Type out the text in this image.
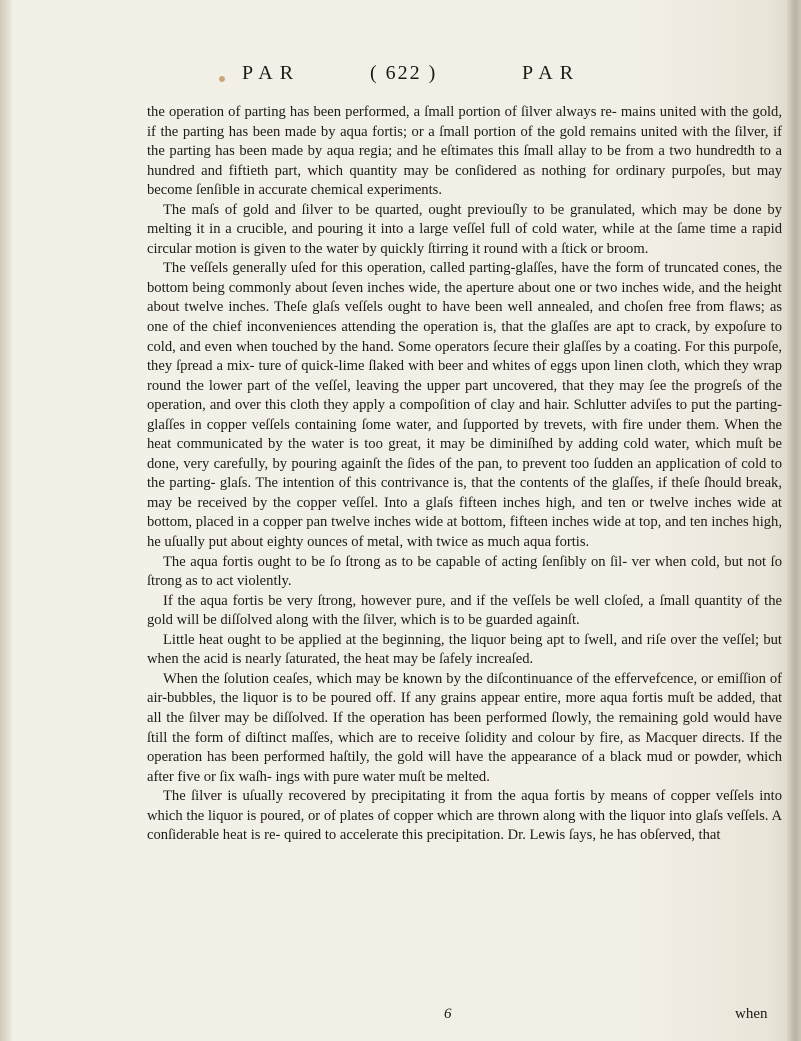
PAR	( 622 )	PAR

the operation of parting has been performed, a ſmall portion of ſilver always re- mains united with the gold, if the parting has been made by aqua fortis; or a ſmall portion of the gold remains united with the ſilver, if the parting has been made by aqua regia; and he eſtimates this ſmall allay to be from a two hundredth to a hundred and fiftieth part, which quantity may be conſidered as nothing for ordinary purpoſes, but may become ſenſible in accurate chemical experiments.

The maſs of gold and ſilver to be quarted, ought previouſly to be granulated, which may be done by melting it in a crucible, and pouring it into a large veſſel full of cold water, while at the ſame time a rapid circular motion is given to the water by quickly ſtirring it round with a ſtick or broom.

The veſſels generally uſed for this operation, called parting-glaſſes, have the form of truncated cones, the bottom being commonly about ſeven inches wide, the aperture about one or two inches wide, and the height about twelve inches. Theſe glaſs veſſels ought to have been well annealed, and choſen free from flaws; as one of the chief inconveniences attending the operation is, that the glaſſes are apt to crack, by expoſure to cold, and even when touched by the hand. Some operators ſecure their glaſſes by a coating. For this purpoſe, they ſpread a mix- ture of quick-lime ſlaked with beer and whites of eggs upon linen cloth, which they wrap round the lower part of the veſſel, leaving the upper part uncovered, that they may ſee the progreſs of the operation, and over this cloth they apply a compoſition of clay and hair. Schlutter adviſes to put the parting-glaſſes in copper veſſels containing ſome water, and ſupported by trevets, with fire under them. When the heat communicated by the water is too great, it may be diminiſhed by adding cold water, which muſt be done, very carefully, by pouring againſt the ſides of the pan, to prevent too ſudden an application of cold to the parting- glaſs. The intention of this contrivance is, that the contents of the glaſſes, if theſe ſhould break, may be received by the copper veſſel. Into a glaſs fifteen inches high, and ten or twelve inches wide at bottom, placed in a copper pan twelve inches wide at bottom, fifteen inches wide at top, and ten inches high, he uſually put about eighty ounces of metal, with twice as much aqua fortis.

The aqua fortis ought to be ſo ſtrong as to be capable of acting ſenſibly on ſil- ver when cold, but not ſo ſtrong as to act violently.

If the aqua fortis be very ſtrong, however pure, and if the veſſels be well cloſed, a ſmall quantity of the gold will be diſſolved along with the ſilver, which is to be guarded againſt.

Little heat ought to be applied at the beginning, the liquor being apt to ſwell, and riſe over the veſſel; but when the acid is nearly ſaturated, the heat may be ſafely increaſed.

When the ſolution ceaſes, which may be known by the diſcontinuance of the effervefcence, or emiſſion of air-bubbles, the liquor is to be poured off. If any grains appear entire, more aqua fortis muſt be added, that all the ſilver may be diſſolved. If the operation has been performed ſlowly, the remaining gold would have ſtill the form of diſtinct maſſes, which are to receive ſolidity and colour by fire, as Macquer directs. If the operation has been performed haſtily, the gold will have the appearance of a black mud or powder, which after five or ſix waſh- ings with pure water muſt be melted.

The ſilver is uſually recovered by precipitating it from the aqua fortis by means of copper veſſels into which the liquor is poured, or of plates of copper which are thrown along with the liquor into glaſs veſſels. A conſiderable heat is re- quired to accelerate this precipitation. Dr. Lewis ſays, he has obſerved, that

6	when
